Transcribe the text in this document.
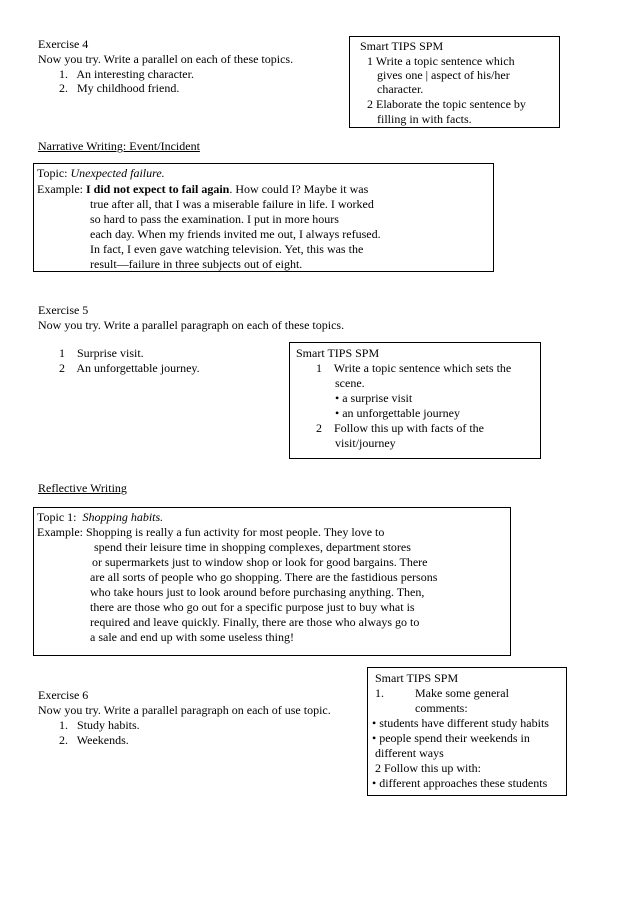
Exercise 4
Now you try. Write a parallel on each of these topics.
1.   An interesting character.
2.   My childhood friend.
Smart TIPS SPM
1 Write a topic sentence which
gives one | aspect of his/her
character.
2 Elaborate the topic sentence by
filling in with facts.
Narrative Writing: Event/Incident
Topic: Unexpected failure.
Example: I did not expect to fail again. How could I? Maybe it was
true after all, that I was a miserable failure in life. I worked
so hard to pass the examination. I put in more hours
each day. When my friends invited me out, I always refused.
In fact, I even gave watching television. Yet, this was the
result—failure in three subjects out of eight.
Exercise 5
Now you try. Write a parallel paragraph on each of these topics.
1    Surprise visit.
2    An unforgettable journey.
Smart TIPS SPM
1    Write a topic sentence which sets the
scene.
• a surprise visit
• an unforgettable journey
2    Follow this up with facts of the
visit/journey
Reflective Writing
Topic 1:  Shopping habits.
Example: Shopping is really a fun activity for most people. They love to
spend their leisure time in shopping complexes, department stores
or supermarkets just to window shop or look for good bargains. There
are all sorts of people who go shopping. There are the fastidious persons
who take hours just to look around before purchasing anything. Then,
there are those who go out for a specific purpose just to buy what is
required and leave quickly. Finally, there are those who always go to
a sale and end up with some useless thing!
Exercise 6
Now you try. Write a parallel paragraph on each of use topic.
1.   Study habits.
2.   Weekends.
Smart TIPS SPM
1.	Make some general
comments:
• students have different study habits
• people spend their weekends in
different ways
2 Follow this up with:
• different approaches these students
